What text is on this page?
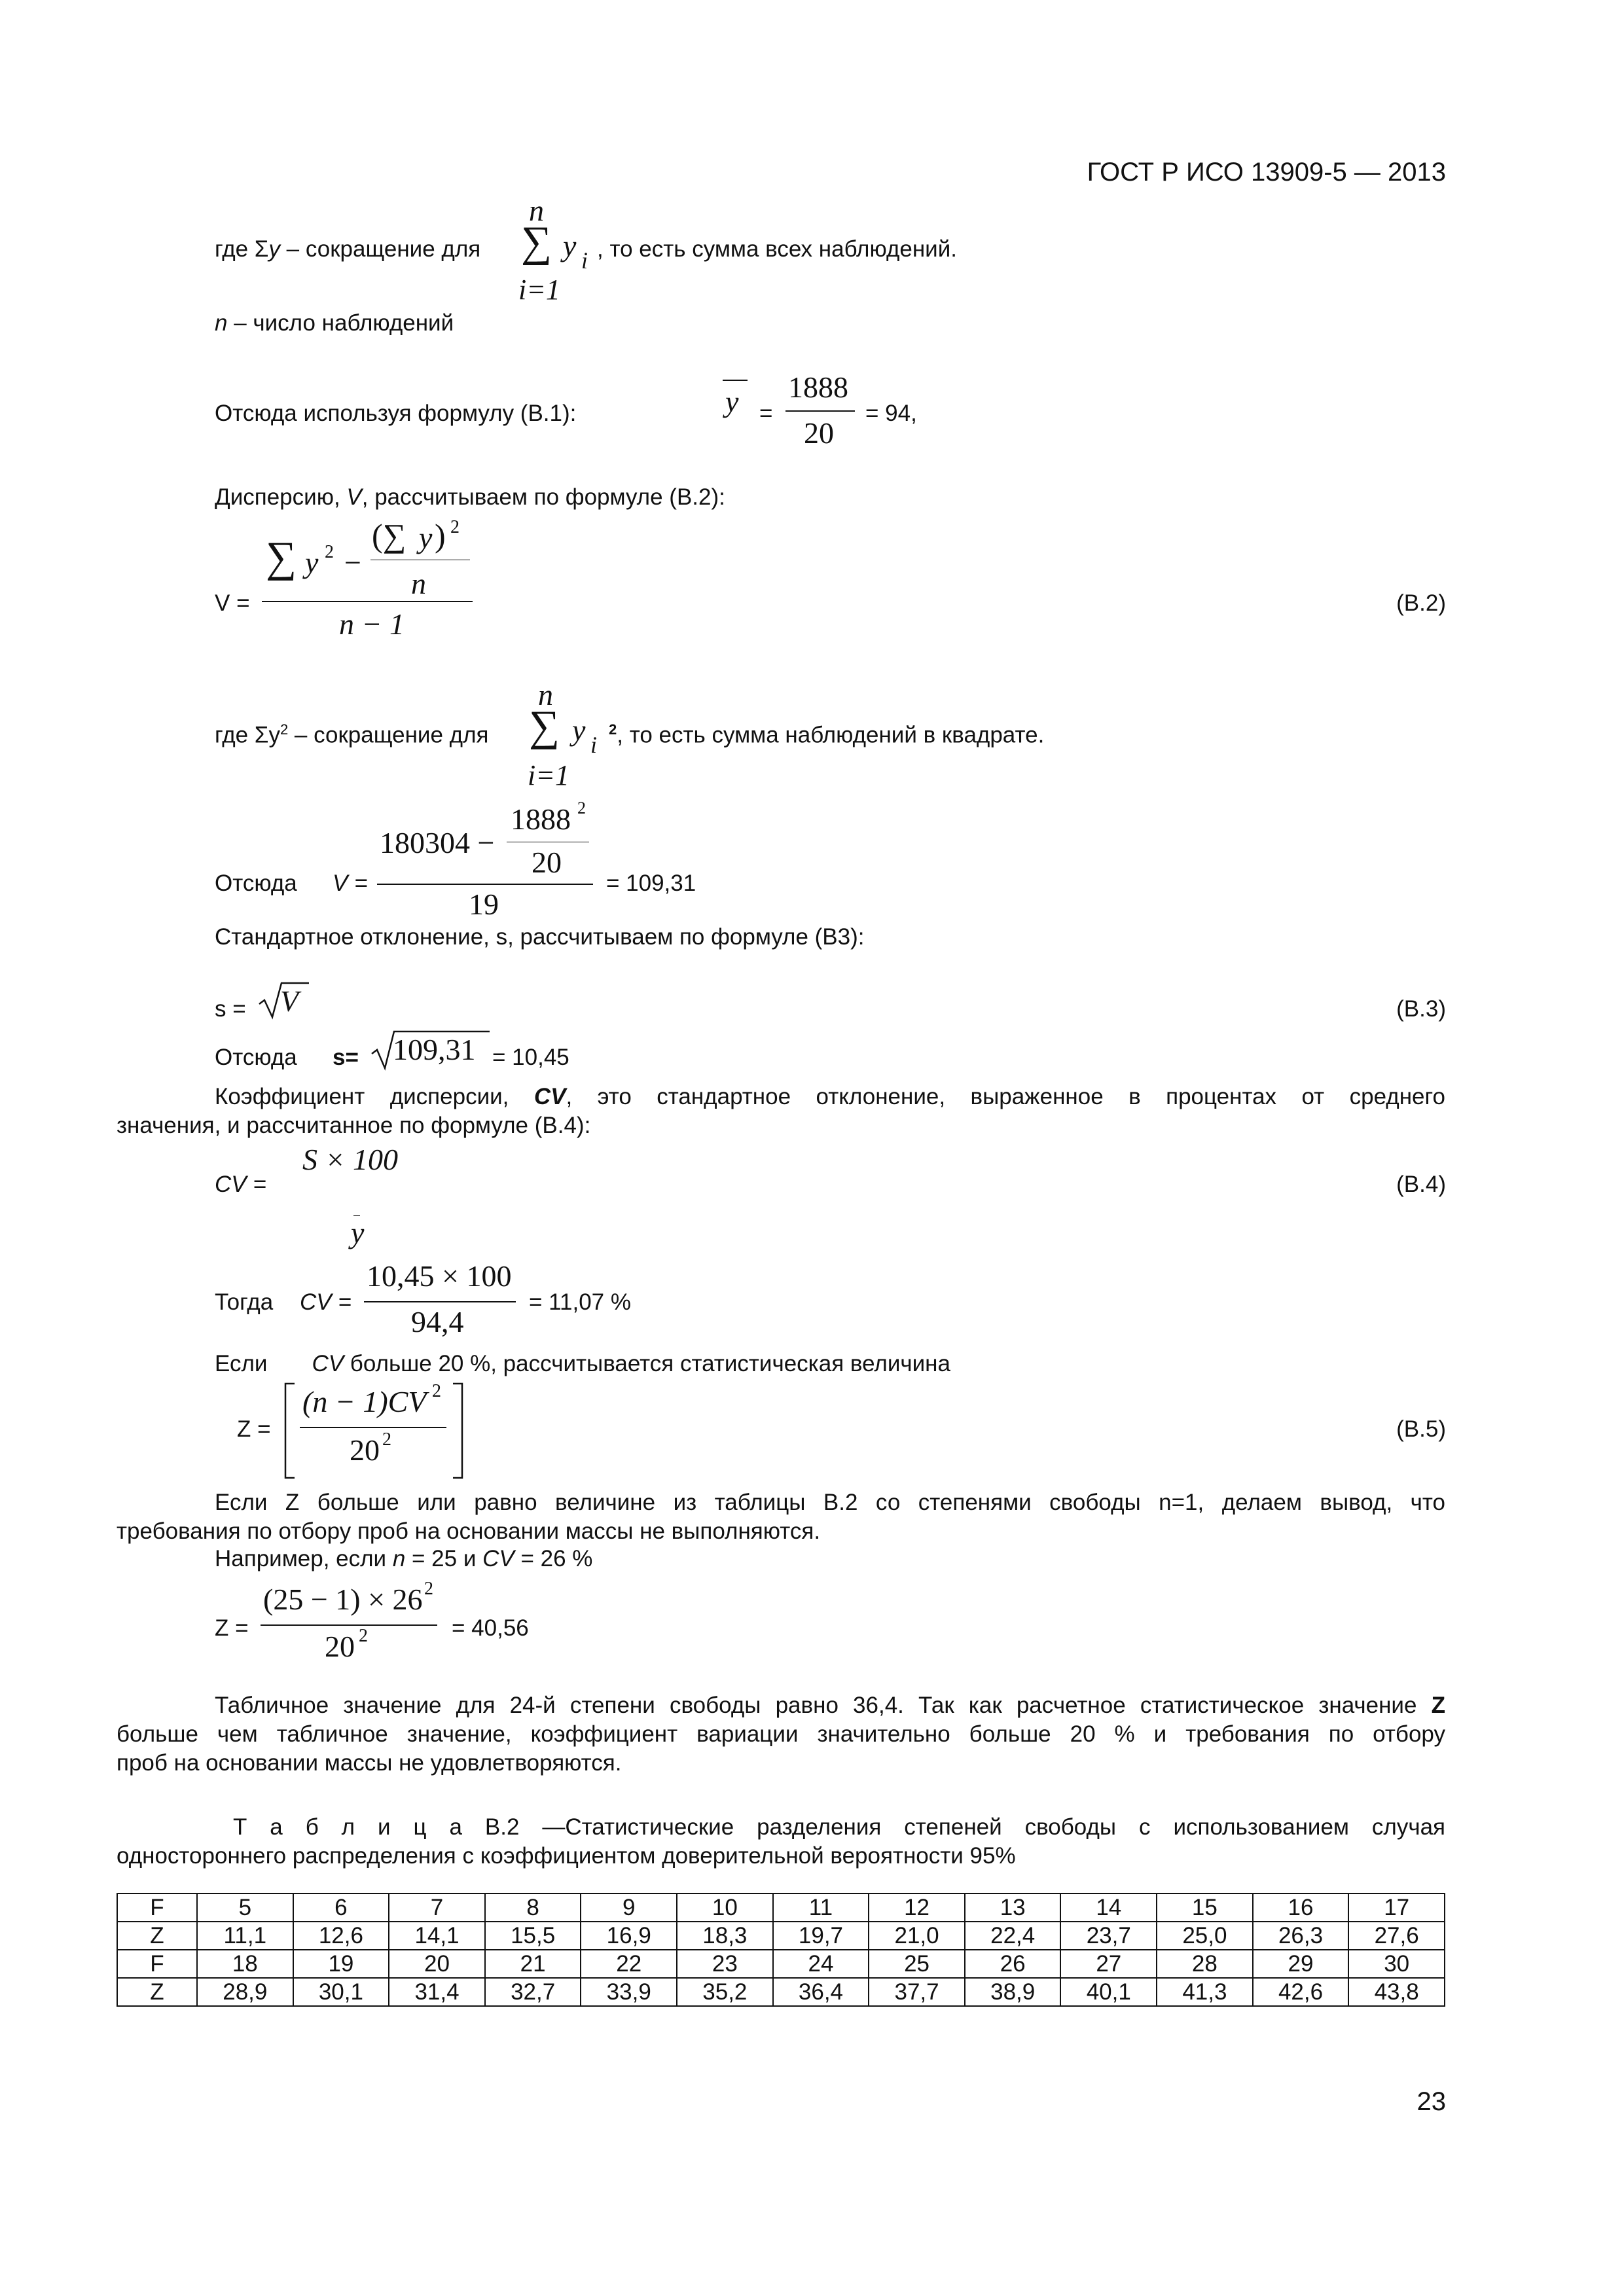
ГОСТ Р ИСО 13909-5 — 2013
где Σy – сокращение для
n
∑ y i
i=1
, то есть сумма всех наблюдений.
n – число наблюдений
Отсюда используя формулу (В.1):	y =
1888
20
= 94,
Дисперсию, V, рассчитываем по формуле (В.2):
V =
∑ y 2 −
(∑ y ) 2
n
n − 1
(В.2)
где $\Sigma y^2$ – сокращение для
n
∑ y i
i=1
$^2$, то есть сумма наблюдений в квадрате.
Отсюда V =
180304 −
1888 2
20
19
= 109,31
Стандартное отклонение, s, рассчитываем по формуле (В3):
s = V	(В.3)
Отсюда s= 109,31 = 10,45
Коэффициент дисперсии, CV, это стандартное отклонение, выраженное в процентах от среднего
значения, и рассчитанное по формуле (В.4):
CV =
S × 100
y
(В.4)
Тогда CV =
10,45 × 100
94,4
= 11,07 %
Если CV больше 20 %, рассчитывается статистическая величина
Z =
(n − 1)CV 2
20 2	(В.5)
Если Z больше или равно величине из таблицы В.2 со степенями свободы n=1, делаем вывод, что
требования по отбору проб на основании массы не выполняются.
Например, если n = 25 и CV = 26 %
Z =
(25 − 1) × 26 2
20 2	= 40,56
Табличное значение для 24-й степени свободы равно 36,4. Так как расчетное статистическое значение Z
больше чем табличное значение, коэффициент вариации значительно больше 20 % и требования по отбору
проб на основании массы не удовлетворяются.
Т а б л и ц а В.2 —Статистические разделения степеней свободы с использованием случая
одностороннего распределения с коэффициентом доверительной вероятности 95%
F	5	6	7	8	9	10	11	12	13	14	15	16	17
Z	11,1	12,6	14,1	15,5	16,9	18,3	19,7	21,0	22,4	23,7	25,0	26,3	27,6
F	18	19	20	21	22	23	24	25	26	27	28	29	30
Z	28,9	30,1	31,4	32,7	33,9	35,2	36,4	37,7	38,9	40,1	41,3	42,6	43,8
23
